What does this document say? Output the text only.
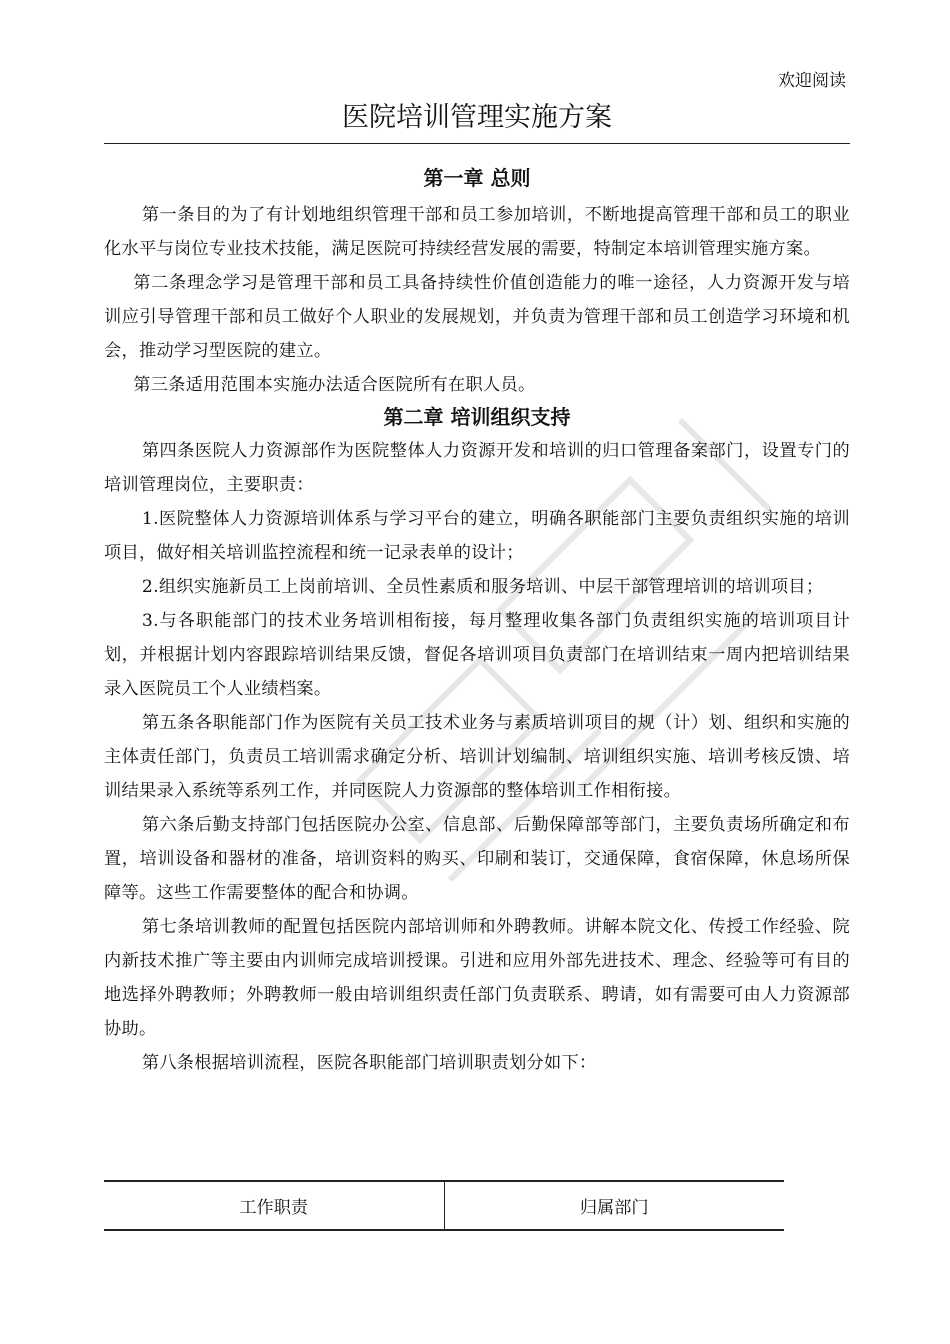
欢迎阅读
医院培训管理实施方案
第一章 总则

第一条目的为了有计划地组织管理干部和员工参加培训，不断地提高管理干部和员工的职业化水平与岗位专业技术技能，满足医院可持续经营发展的需要，特制定本培训管理实施方案。

第二条理念学习是管理干部和员工具备持续性价值创造能力的唯一途径，人力资源开发与培训应引导管理干部和员工做好个人职业的发展规划，并负责为管理干部和员工创造学习环境和机会，推动学习型医院的建立。

第三条适用范围本实施办法适合医院所有在职人员。

第二章 培训组织支持

第四条医院人力资源部作为医院整体人力资源开发和培训的归口管理备案部门，设置专门的培训管理岗位，主要职责：

1.医院整体人力资源培训体系与学习平台的建立，明确各职能部门主要负责组织实施的培训项目，做好相关培训监控流程和统一记录表单的设计；

2.组织实施新员工上岗前培训、全员性素质和服务培训、中层干部管理培训的培训项目；

3.与各职能部门的技术业务培训相衔接，每月整理收集各部门负责组织实施的培训项目计划，并根据计划内容跟踪培训结果反馈，督促各培训项目负责部门在培训结束一周内把培训结果录入医院员工个人业绩档案。

第五条各职能部门作为医院有关员工技术业务与素质培训项目的规（计）划、组织和实施的主体责任部门，负责员工培训需求确定分析、培训计划编制、培训组织实施、培训考核反馈、培训结果录入系统等系列工作，并同医院人力资源部的整体培训工作相衔接。

第六条后勤支持部门包括医院办公室、信息部、后勤保障部等部门，主要负责场所确定和布置，培训设备和器材的准备，培训资料的购买、印刷和装订，交通保障，食宿保障，休息场所保障等。这些工作需要整体的配合和协调。

第七条培训教师的配置包括医院内部培训师和外聘教师。讲解本院文化、传授工作经验、院内新技术推广等主要由内训师完成培训授课。引进和应用外部先进技术、理念、经验等可有目的地选择外聘教师；外聘教师一般由培训组织责任部门负责联系、聘请，如有需要可由人力资源部协助。

第八条根据培训流程，医院各职能部门培训职责划分如下：

工作职责	归属部门
